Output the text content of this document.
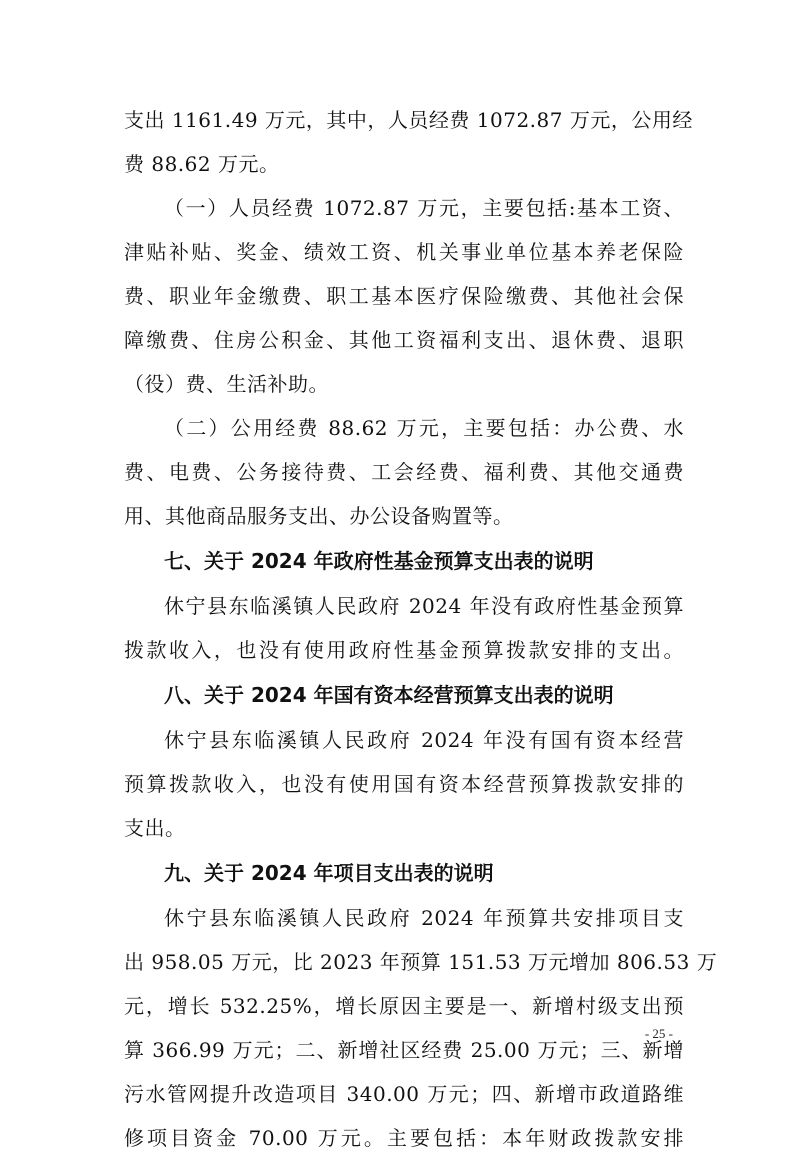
支出 1161.49 万元，其中，人员经费 1072.87 万元，公用经
费 88.62 万元。
（一）人员经费 1072.87 万元，主要包括:基本工资、
津贴补贴、奖金、绩效工资、机关事业单位基本养老保险
费、职业年金缴费、职工基本医疗保险缴费、其他社会保
障缴费、住房公积金、其他工资福利支出、退休费、退职
（役）费、生活补助。
（二）公用经费 88.62 万元，主要包括：办公费、水
费、电费、公务接待费、工会经费、福利费、其他交通费
用、其他商品服务支出、办公设备购置等。
七、关于 2024 年政府性基金预算支出表的说明
休宁县东临溪镇人民政府 2024 年没有政府性基金预算
拨款收入，也没有使用政府性基金预算拨款安排的支出。
八、关于 2024 年国有资本经营预算支出表的说明
休宁县东临溪镇人民政府 2024 年没有国有资本经营
预算拨款收入，也没有使用国有资本经营预算拨款安排的
支出。
九、关于 2024 年项目支出表的说明
休宁县东临溪镇人民政府 2024 年预算共安排项目支
出 958.05 万元，比 2023 年预算 151.53 万元增加 806.53 万
元，增长 532.25%，增长原因主要是一、新增村级支出预
算 366.99 万元；二、新增社区经费 25.00 万元；三、新增
污水管网提升改造项目 340.00 万元；四、新增市政道路维
修项目资金 70.00 万元。主要包括：本年财政拨款安排
- 25 -
